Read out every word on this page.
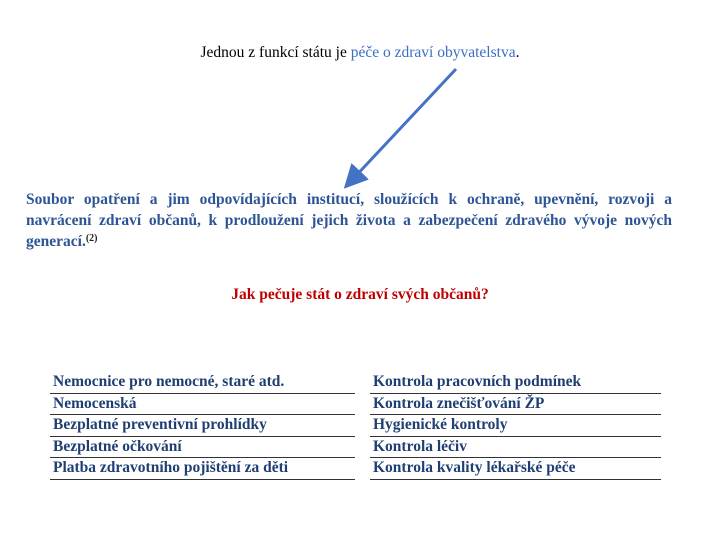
Jednou z funkcí státu je péče o zdraví obyvatelstva.
Soubor opatření a jim odpovídajících institucí, sloužících k ochraně, upevnění, rozvoji a navrácení zdraví občanů, k prodloužení jejich života a zabezpečení zdravého vývoje nových generací.$^{(2)}$
Jak pečuje stát o zdraví svých občanů?
Nemocnice pro nemocné, staré atd.
Nemocenská
Bezplatné preventivní prohlídky
Bezplatné očkování
Platba zdravotního pojištění za děti
Kontrola pracovních podmínek
Kontrola znečišťování ŽP
Hygienické kontroly
Kontrola léčiv
Kontrola kvality lékařské péče
